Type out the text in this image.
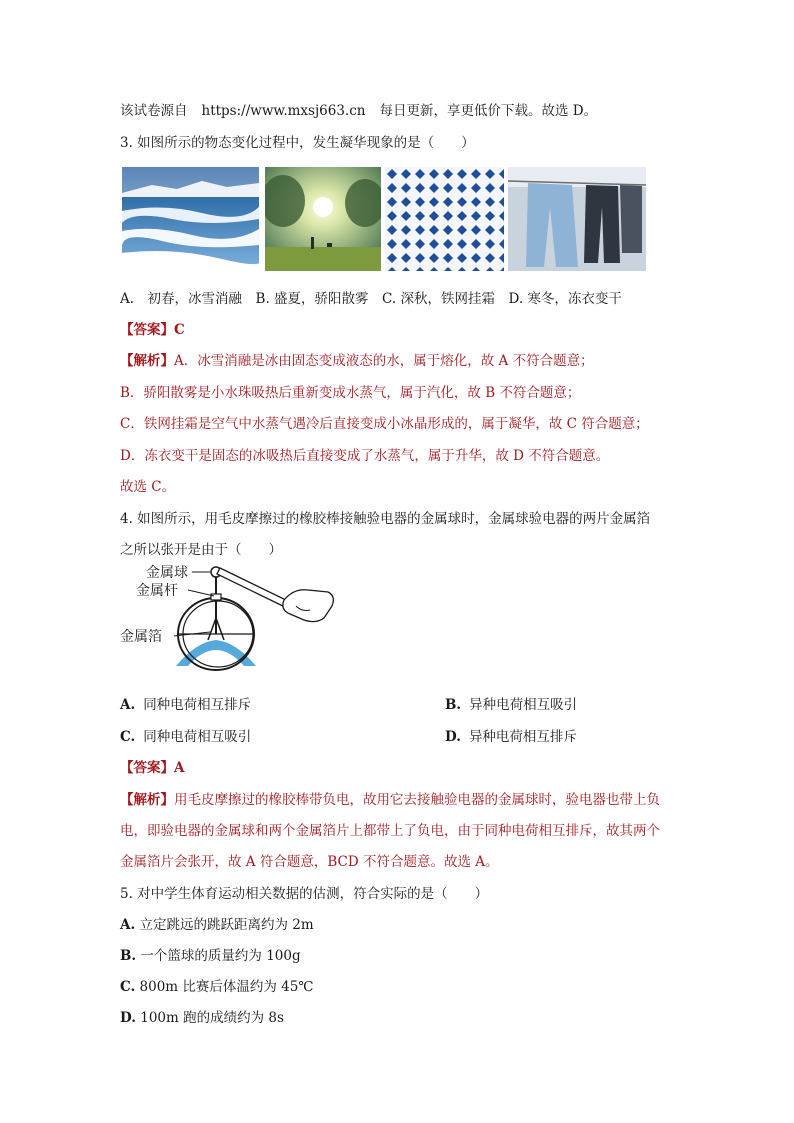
该试卷源自 https://www.mxsj663.cn 每日更新，享更低价下载。故选 D。
3. 如图所示的物态变化过程中，发生凝华现象的是（　　）
A.　初春，冰雪消融　B. 盛夏，骄阳散雾　C. 深秋，铁网挂霜　D. 寒冬，冻衣变干
【答案】C
【解析】A．冰雪消融是冰由固态变成液态的水，属于熔化，故 A 不符合题意；
B．骄阳散雾是小水珠吸热后重新变成水蒸气，属于汽化，故 B 不符合题意；
C．铁网挂霜是空气中水蒸气遇冷后直接变成小冰晶形成的，属于凝华，故 C 符合题意；
D．冻衣变干是固态的冰吸热后直接变成了水蒸气，属于升华，故 D 不符合题意。
故选 C。
4. 如图所示，用毛皮摩擦过的橡胶棒接触验电器的金属球时，金属球验电器的两片金属箔
之所以张开是由于（　　）
金属球
金属杆
金属箔
A. 同种电荷相互排斥	B. 异种电荷相互吸引
C. 同种电荷相互吸引	D. 异种电荷相互排斥
【答案】A
【解析】用毛皮摩擦过的橡胶棒带负电，故用它去接触验电器的金属球时，验电器也带上负
电，即验电器的金属球和两个金属箔片上都带上了负电，由于同种电荷相互排斥，故其两个
金属箔片会张开，故 A 符合题意，BCD 不符合题意。故选 A。
5. 对中学生体育运动相关数据的估测，符合实际的是（　　）
A. 立定跳远的跳跃距离约为 2m
B. 一个篮球的质量约为 100g
C. 800m 比赛后体温约为 45℃
D. 100m 跑的成绩约为 8s
